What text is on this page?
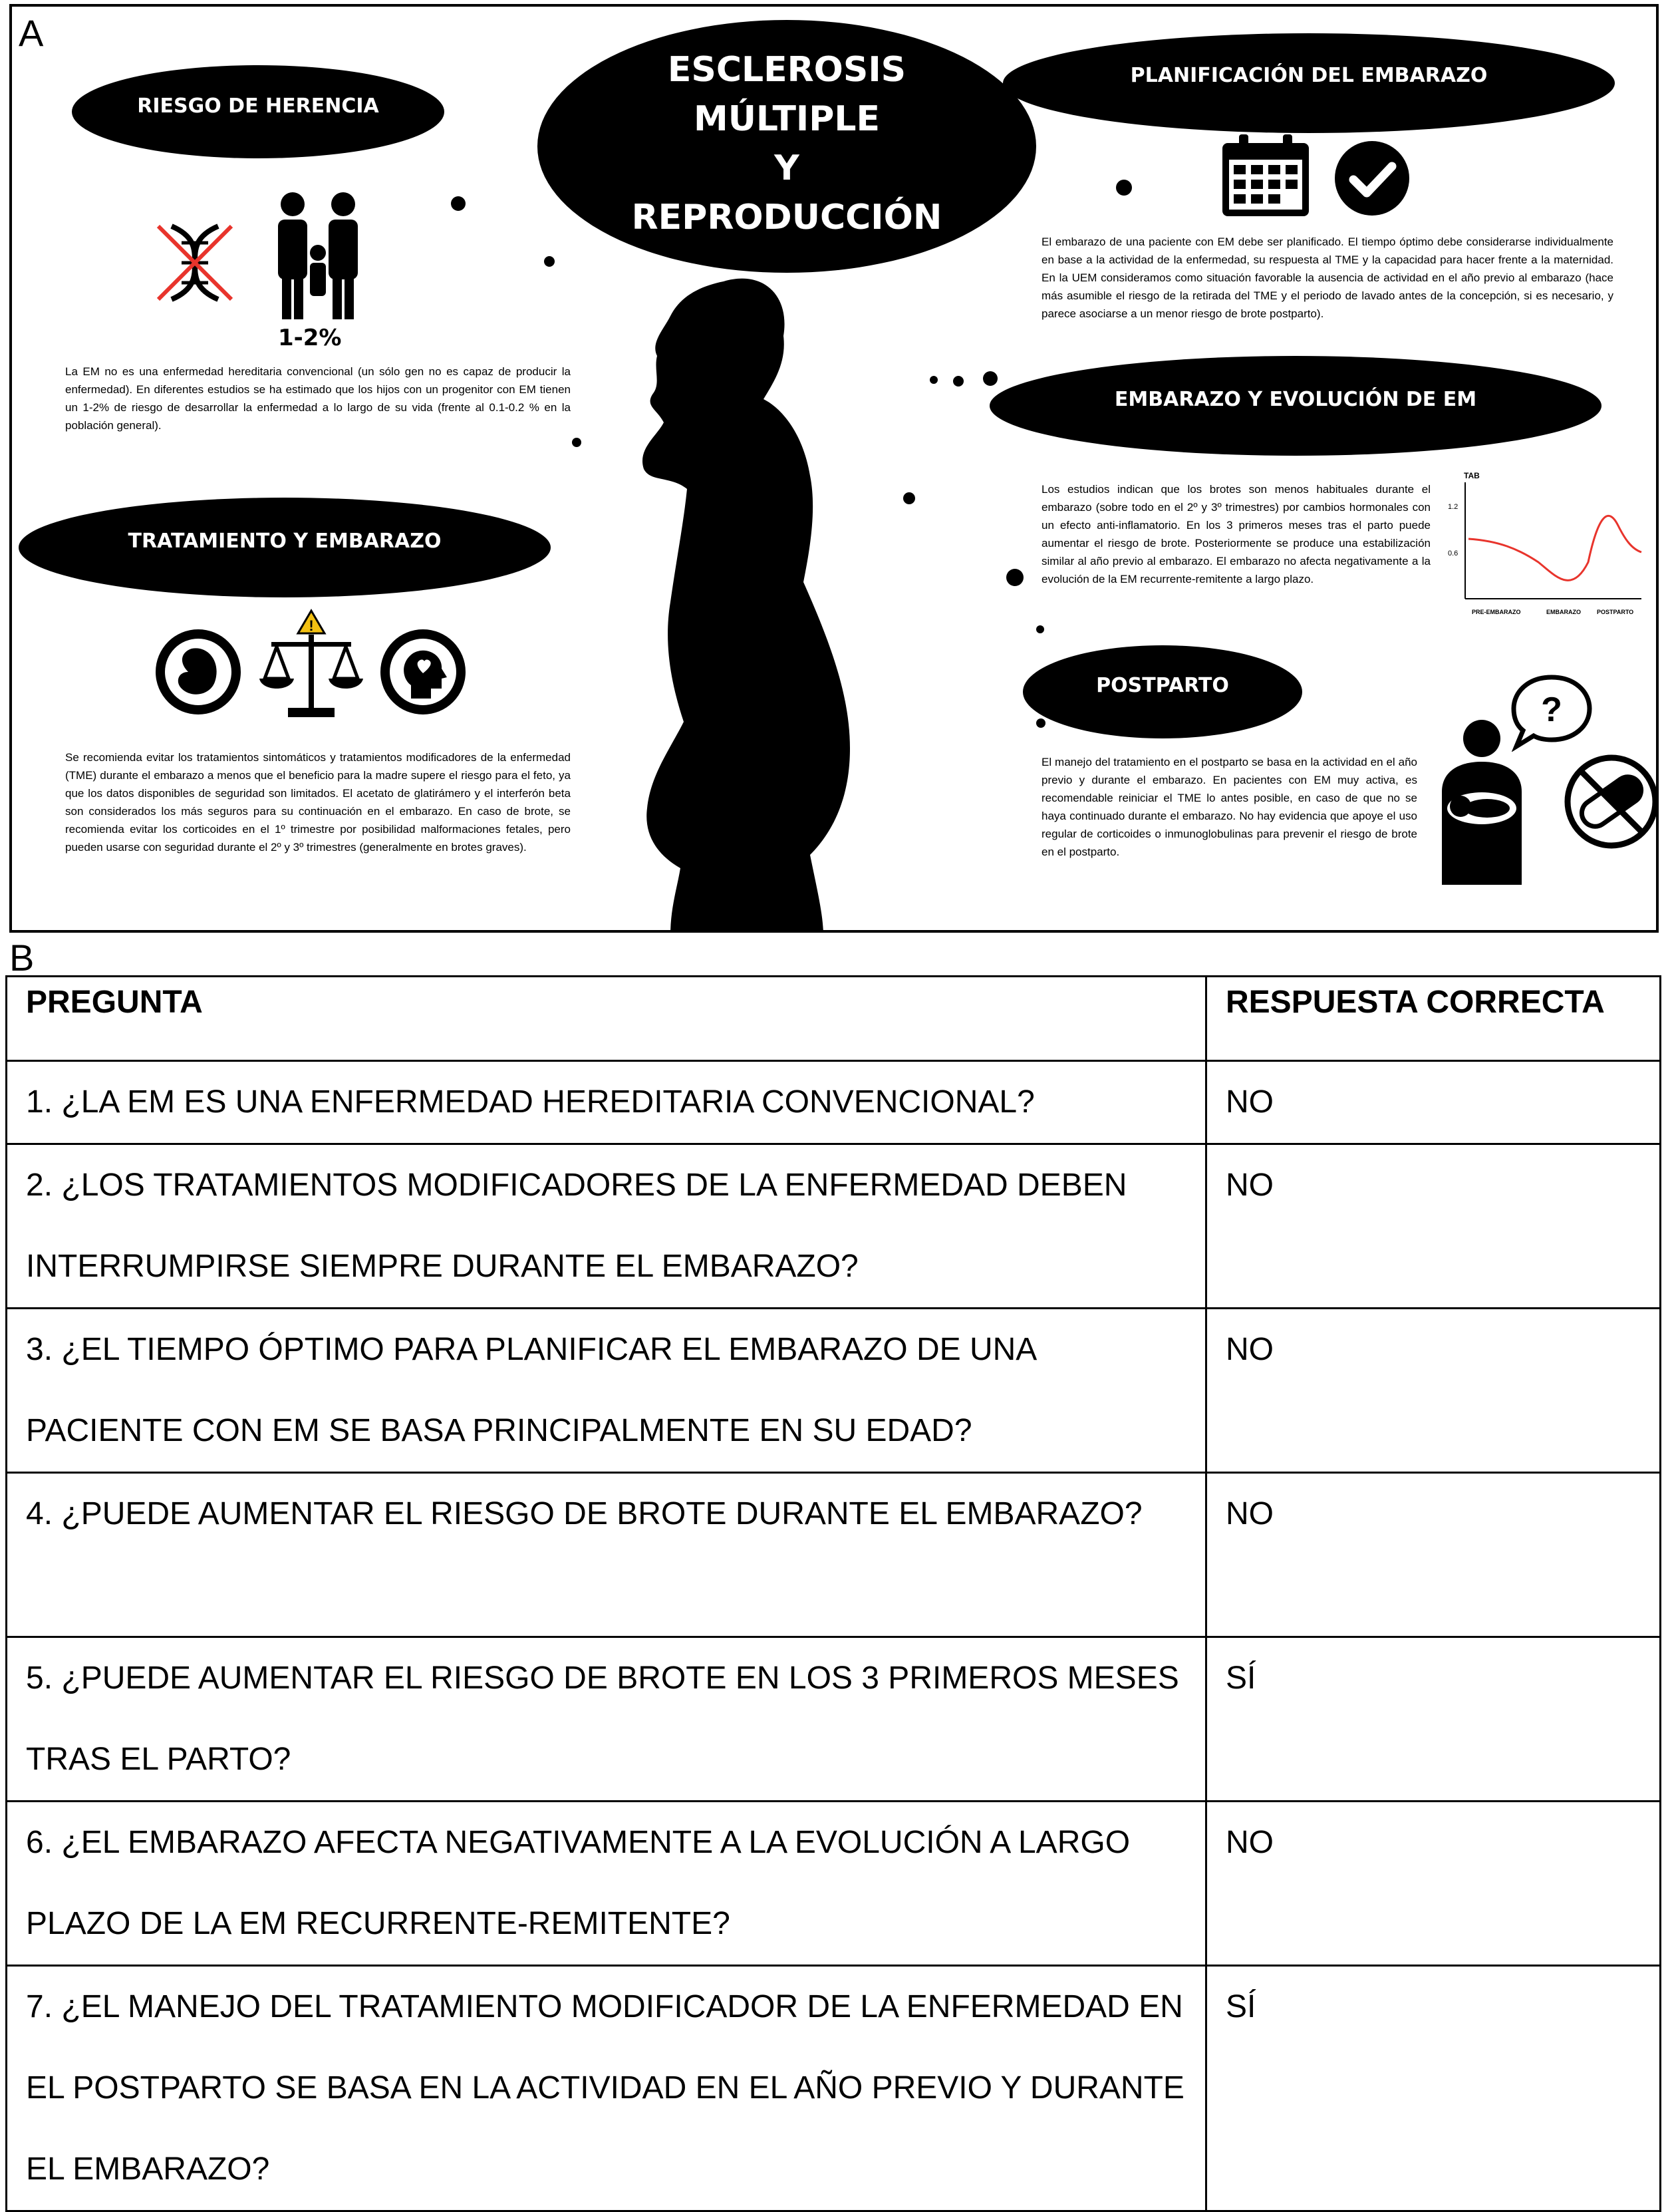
A
ESCLEROSIS
MÚLTIPLE
Y
REPRODUCCIÓN
RIESGO DE HERENCIA
1-2%
La EM no es una enfermedad hereditaria convencional (un sólo gen no es capaz de producir la enfermedad). En diferentes estudios se ha estimado que los hijos con un progenitor con EM tienen un 1-2% de riesgo de desarrollar la enfermedad a lo largo de su vida (frente al 0.1-0.2 % en la población general).
TRATAMIENTO Y EMBARAZO
!
Se recomienda evitar los tratamientos sintomáticos y tratamientos modificadores de la enfermedad (TME) durante el embarazo a menos que el beneficio para la madre supere el riesgo para el feto, ya que los datos disponibles de seguridad son limitados. El acetato de glatirámero y el interferón beta son considerados los más seguros para su continuación en el embarazo. En caso de brote, se recomienda evitar los corticoides en el 1º trimestre por posibilidad malformaciones fetales, pero pueden usarse con seguridad durante el 2º y 3º trimestres (generalmente en brotes graves).
PLANIFICACIÓN DEL EMBARAZO
El embarazo de una paciente con EM debe ser planificado. El tiempo óptimo debe considerarse individualmente en base a la actividad de la enfermedad, su respuesta al TME y la capacidad para hacer frente a la maternidad. En la UEM consideramos como situación favorable la ausencia de actividad en el año previo al embarazo (hace más asumible el riesgo de la retirada del TME y el periodo de lavado antes de la concepción, si es necesario, y parece asociarse a un menor riesgo de brote postparto).
EMBARAZO Y EVOLUCIÓN DE EM
Los estudios indican que los brotes son menos habituales durante el embarazo (sobre todo en el 2º y 3º trimestres) por cambios hormonales con un efecto anti-inflamatorio. En los 3 primeros meses tras el parto puede aumentar el riesgo de brote. Posteriormente se produce una estabilización similar al año previo al embarazo. El embarazo no afecta negativamente a la evolución de la EM recurrente-remitente a largo plazo.
TAB
1.2
0.6
PRE-EMBARAZO	EMBARAZO	POSTPARTO
POSTPARTO
El manejo del tratamiento en el postparto se basa en la actividad en el año previo y durante el embarazo. En pacientes con EM muy activa, es recomendable reiniciar el TME lo antes posible, en caso de que no se haya continuado durante el embarazo. No hay evidencia que apoye el uso regular de corticoides o inmunoglobulinas para prevenir el riesgo de brote en el postparto.
?
B
PREGUNTA	RESPUESTA CORRECTA
1. ¿LA EM ES UNA ENFERMEDAD HEREDITARIA CONVENCIONAL?	NO
2. ¿LOS TRATAMIENTOS MODIFICADORES DE LA ENFERMEDAD DEBEN INTERRUMPIRSE SIEMPRE DURANTE EL EMBARAZO?	NO
3. ¿EL TIEMPO ÓPTIMO PARA PLANIFICAR EL EMBARAZO DE UNA PACIENTE CON EM SE BASA PRINCIPALMENTE EN SU EDAD?	NO
4. ¿PUEDE AUMENTAR EL RIESGO DE BROTE DURANTE EL EMBARAZO?	NO
5. ¿PUEDE AUMENTAR EL RIESGO DE BROTE EN LOS 3 PRIMEROS MESES TRAS EL PARTO?	SÍ
6. ¿EL EMBARAZO AFECTA NEGATIVAMENTE A LA EVOLUCIÓN A LARGO PLAZO DE LA EM RECURRENTE-REMITENTE?	NO
7. ¿EL MANEJO DEL TRATAMIENTO MODIFICADOR DE LA ENFERMEDAD EN EL POSTPARTO SE BASA EN LA ACTIVIDAD EN EL AÑO PREVIO Y DURANTE EL EMBARAZO?	SÍ
